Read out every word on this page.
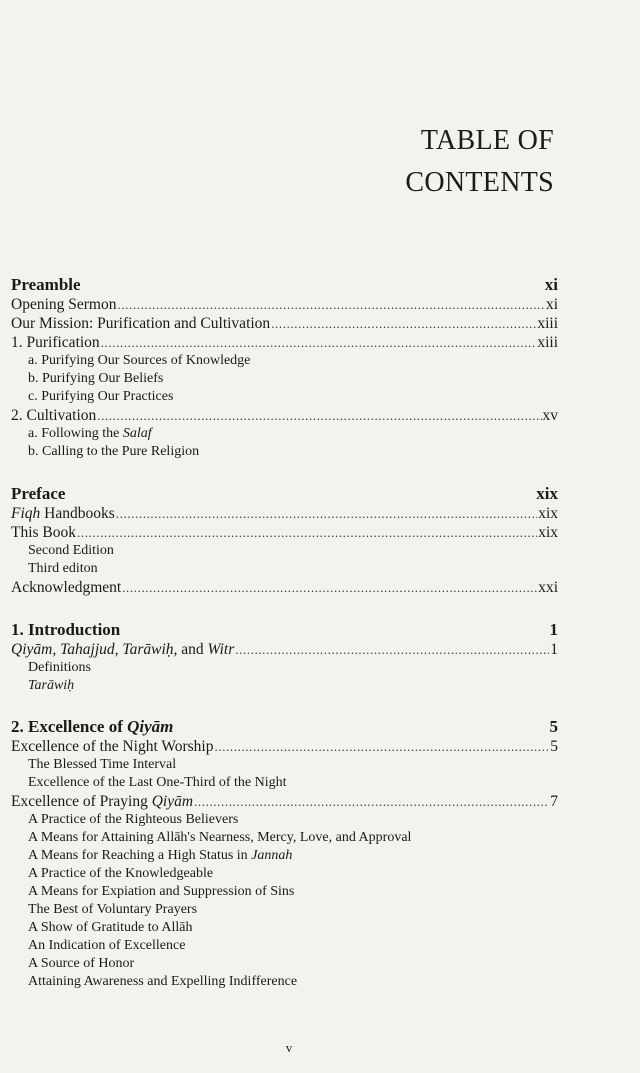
TABLE OF
CONTENTS
Preamble	xi
Opening Sermon .....	xi
Our Mission: Purification and Cultivation .....	xiii
1. Purification .....	xiii
a. Purifying Our Sources of Knowledge
b. Purifying Our Beliefs
c. Purifying Our Practices
2. Cultivation .....	xv
a. Following the Salaf
b. Calling to the Pure Religion
Preface	xix
Fiqh Handbooks .....	xix
This Book .....	xix
Second Edition
Third editon
Acknowledgment .....	xxi
1. Introduction	1
Qiyām, Tahajjud, Tarāwiḥ, and Witr .....	1
Definitions
Tarāwiḥ
2. Excellence of Qiyām	5
Excellence of the Night Worship .....	5
The Blessed Time Interval
Excellence of the Last One-Third of the Night
Excellence of Praying Qiyām .....	7
A Practice of the Righteous Believers
A Means for Attaining Allāh's Nearness, Mercy, Love, and Approval
A Means for Reaching a High Status in Jannah
A Practice of the Knowledgeable
A Means for Expiation and Suppression of Sins
The Best of Voluntary Prayers
A Show of Gratitude to Allāh
An Indication of Excellence
A Source of Honor
Attaining Awareness and Expelling Indifference
v
